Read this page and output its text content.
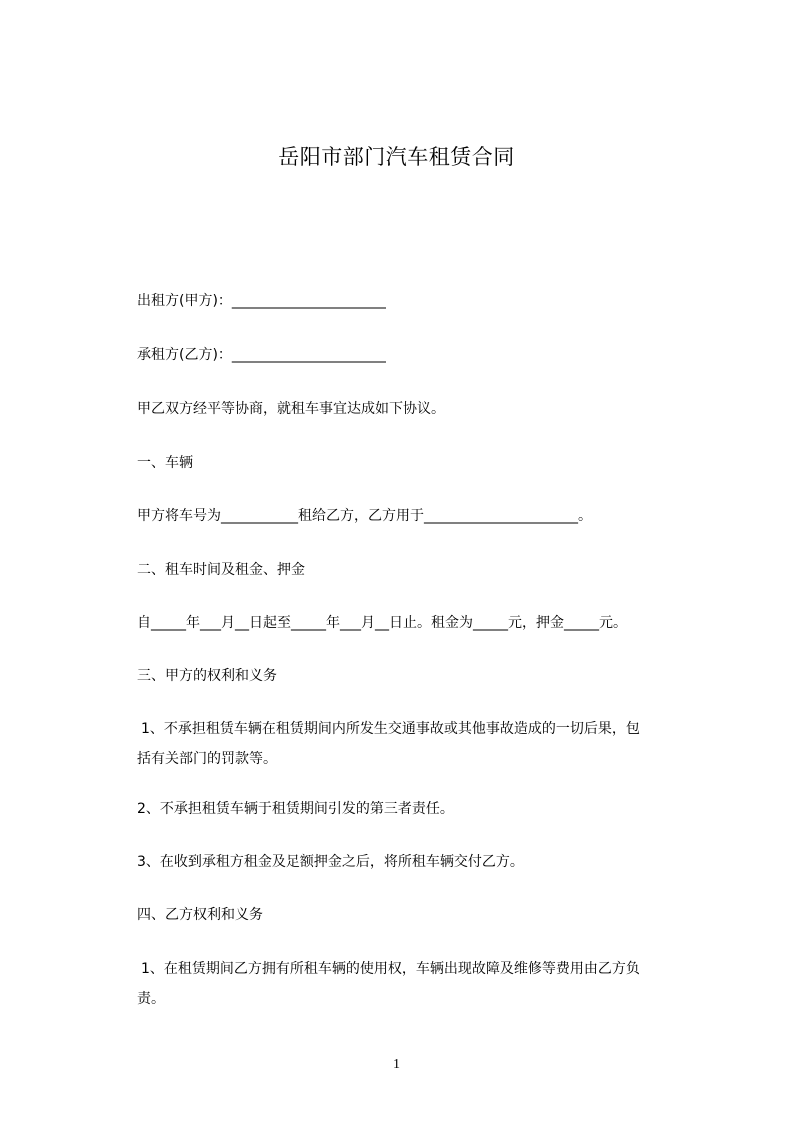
岳阳市部门汽车租赁合同
出租方(甲方)：______________________
承租方(乙方)：______________________
甲乙双方经平等协商，就租车事宜达成如下协议。
一、车辆
甲方将车号为___________租给乙方，乙方用于______________________。
二、租车时间及租金、押金
自_____年___月__日起至_____年___月__日止。租金为_____元，押金_____元。
三、甲方的权利和义务
1、不承担租赁车辆在租赁期间内所发生交通事故或其他事故造成的一切后果，包
括有关部门的罚款等。
2、不承担租赁车辆于租赁期间引发的第三者责任。
3、在收到承租方租金及足额押金之后，将所租车辆交付乙方。
四、乙方权利和义务
1、在租赁期间乙方拥有所租车辆的使用权，车辆出现故障及维修等费用由乙方负
责。
1
